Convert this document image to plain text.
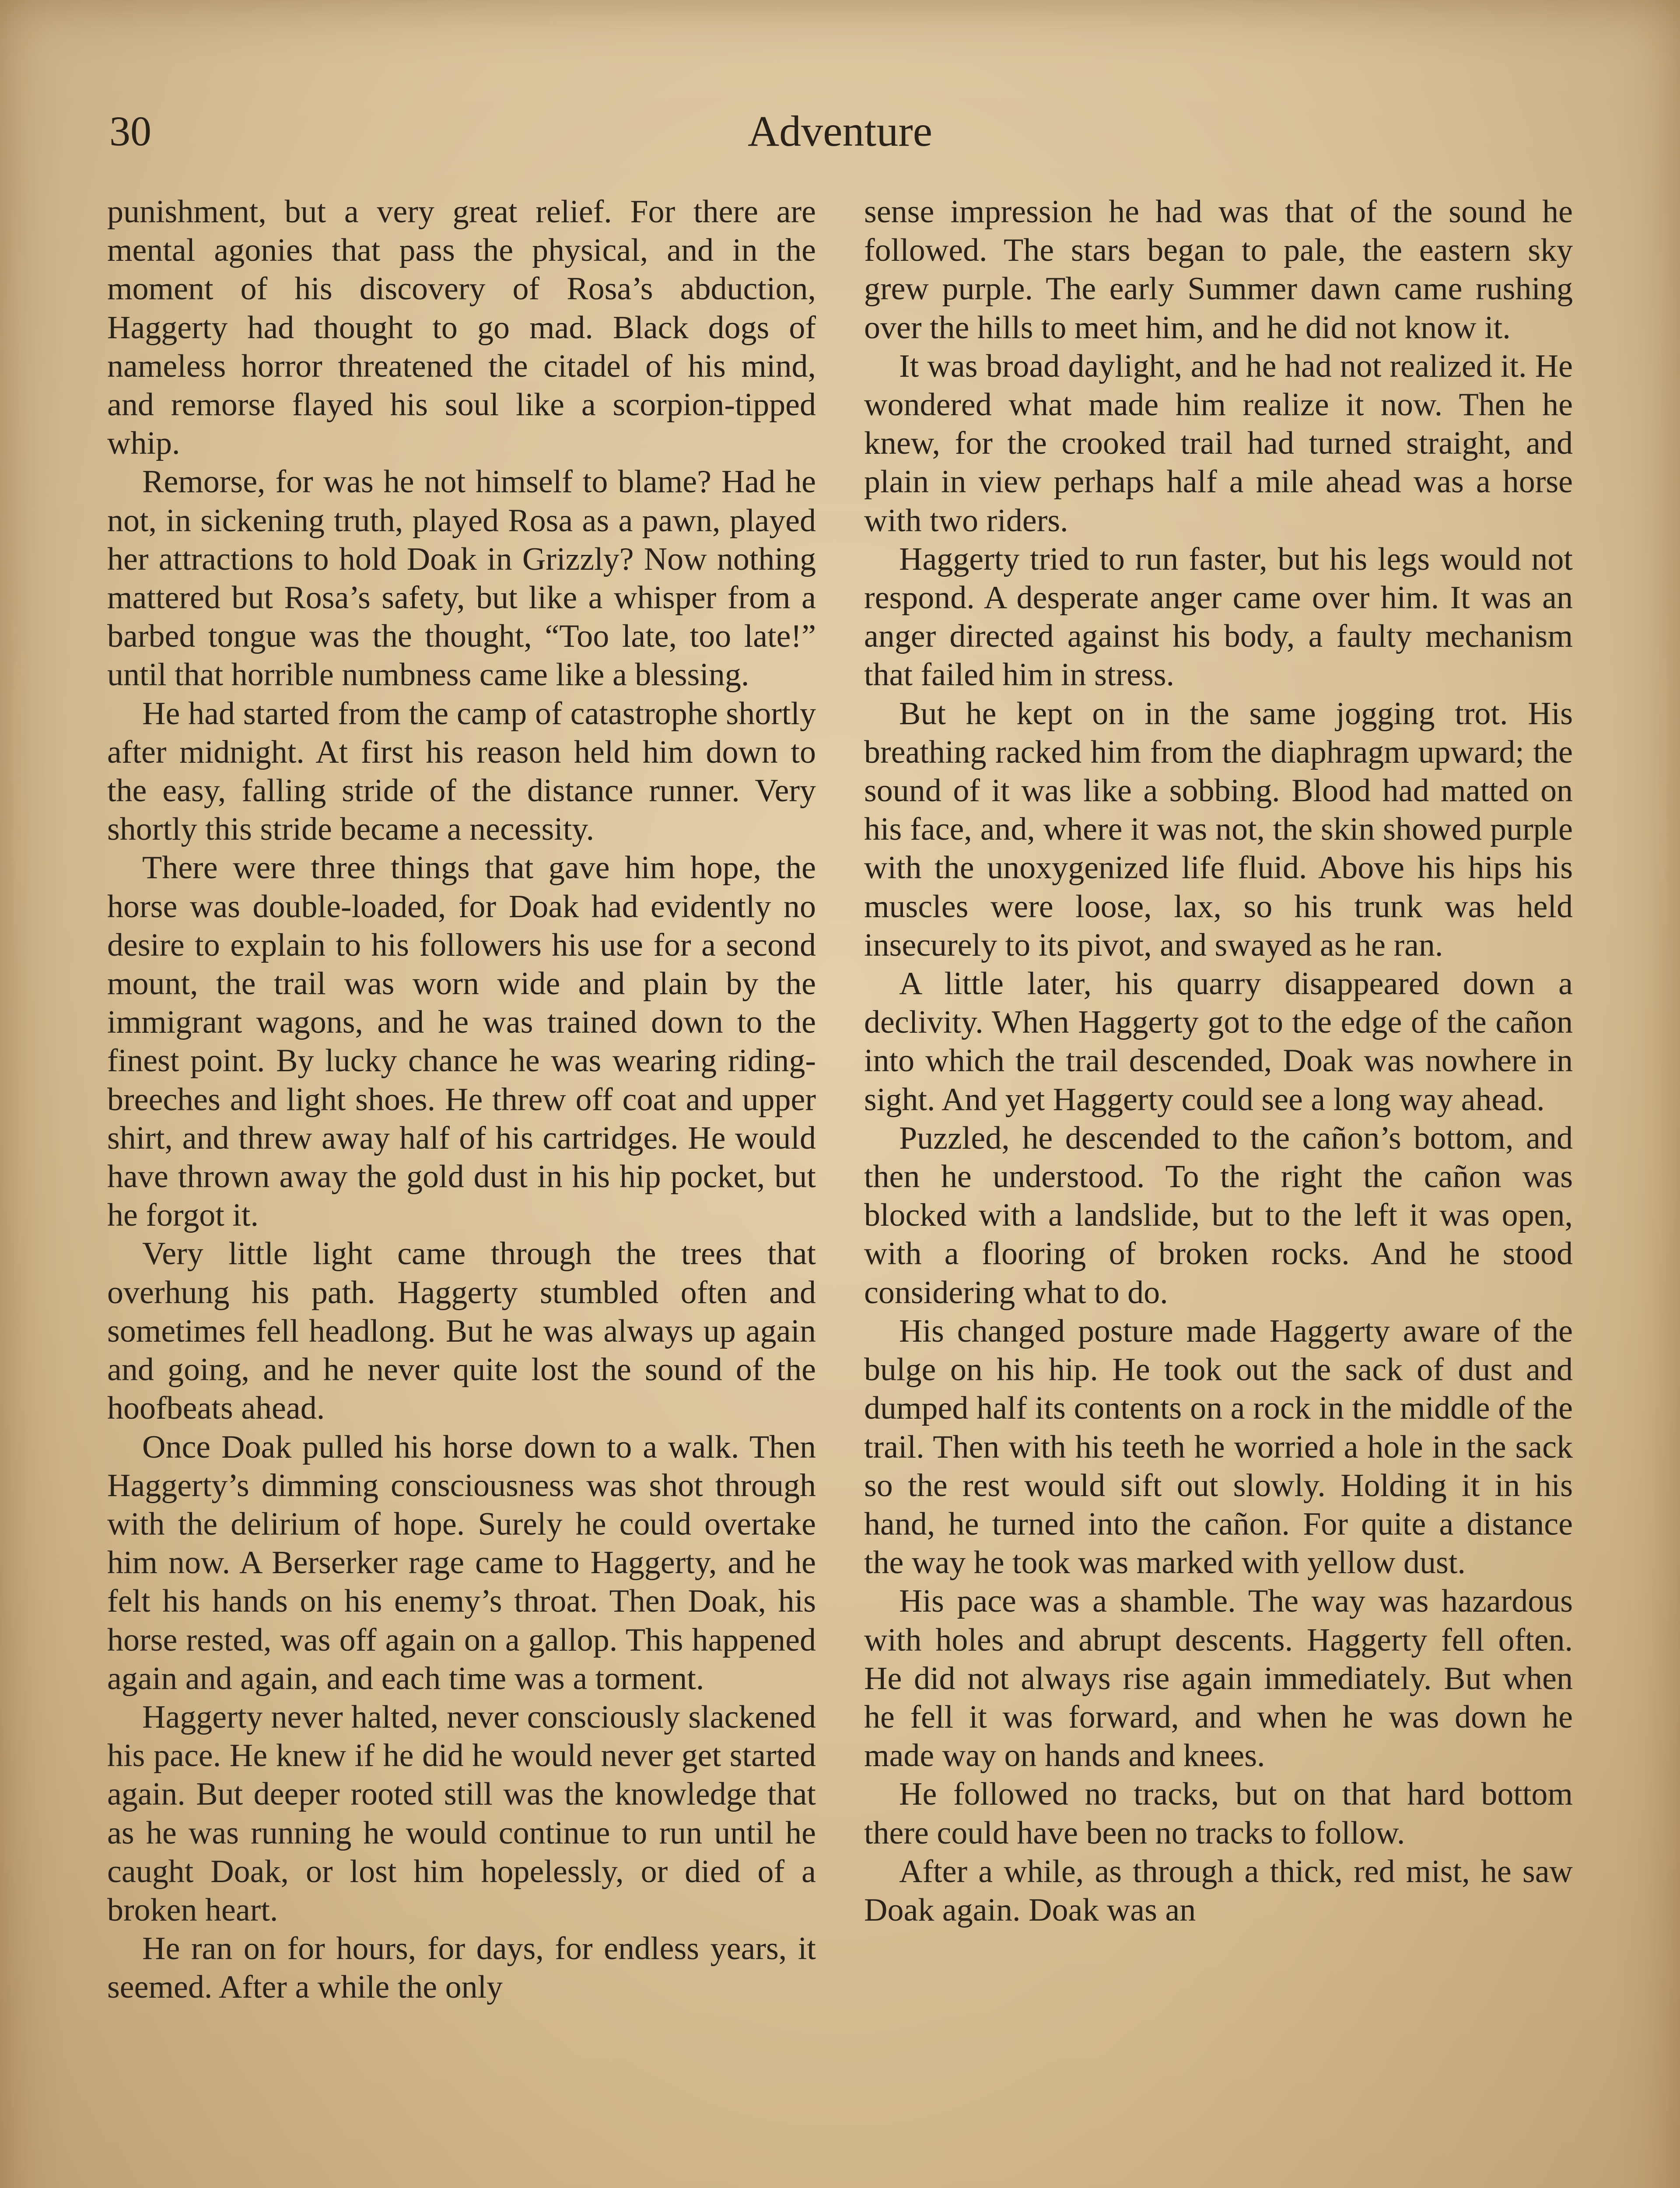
30	Adventure

punishment, but a very great relief. For there are mental agonies that pass the physical, and in the moment of his discovery of Rosa’s abduction, Haggerty had thought to go mad. Black dogs of nameless horror threatened the citadel of his mind, and remorse flayed his soul like a scorpion-tipped whip.

Remorse, for was he not himself to blame? Had he not, in sickening truth, played Rosa as a pawn, played her attractions to hold Doak in Grizzly? Now nothing mattered but Rosa’s safety, but like a whisper from a barbed tongue was the thought, “Too late, too late!” until that horrible numbness came like a blessing.

He had started from the camp of catastrophe shortly after midnight. At first his reason held him down to the easy, falling stride of the distance runner. Very shortly this stride became a necessity.

There were three things that gave him hope, the horse was double-loaded, for Doak had evidently no desire to explain to his followers his use for a second mount, the trail was worn wide and plain by the immigrant wagons, and he was trained down to the finest point. By lucky chance he was wearing riding-breeches and light shoes. He threw off coat and upper shirt, and threw away half of his cartridges. He would have thrown away the gold dust in his hip pocket, but he forgot it.

Very little light came through the trees that overhung his path. Haggerty stumbled often and sometimes fell headlong. But he was always up again and going, and he never quite lost the sound of the hoofbeats ahead.

Once Doak pulled his horse down to a walk. Then Haggerty’s dimming consciousness was shot through with the delirium of hope. Surely he could overtake him now. A Berserker rage came to Haggerty, and he felt his hands on his enemy’s throat. Then Doak, his horse rested, was off again on a gallop. This happened again and again, and each time was a torment.

Haggerty never halted, never consciously slackened his pace. He knew if he did he would never get started again. But deeper rooted still was the knowledge that as he was running he would continue to run until he caught Doak, or lost him hopelessly, or died of a broken heart.

He ran on for hours, for days, for endless years, it seemed. After a while the only

sense impression he had was that of the sound he followed. The stars began to pale, the eastern sky grew purple. The early Summer dawn came rushing over the hills to meet him, and he did not know it.

It was broad daylight, and he had not realized it. He wondered what made him realize it now. Then he knew, for the crooked trail had turned straight, and plain in view perhaps half a mile ahead was a horse with two riders.

Haggerty tried to run faster, but his legs would not respond. A desperate anger came over him. It was an anger directed against his body, a faulty mechanism that failed him in stress.

But he kept on in the same jogging trot. His breathing racked him from the diaphragm upward; the sound of it was like a sobbing. Blood had matted on his face, and, where it was not, the skin showed purple with the unoxygenized life fluid. Above his hips his muscles were loose, lax, so his trunk was held insecurely to its pivot, and swayed as he ran.

A little later, his quarry disappeared down a declivity. When Haggerty got to the edge of the cañon into which the trail descended, Doak was nowhere in sight. And yet Haggerty could see a long way ahead.

Puzzled, he descended to the cañon’s bottom, and then he understood. To the right the cañon was blocked with a landslide, but to the left it was open, with a flooring of broken rocks. And he stood considering what to do.

His changed posture made Haggerty aware of the bulge on his hip. He took out the sack of dust and dumped half its contents on a rock in the middle of the trail. Then with his teeth he worried a hole in the sack so the rest would sift out slowly. Holding it in his hand, he turned into the cañon. For quite a distance the way he took was marked with yellow dust.

His pace was a shamble. The way was hazardous with holes and abrupt descents. Haggerty fell often. He did not always rise again immediately. But when he fell it was forward, and when he was down he made way on hands and knees.

He followed no tracks, but on that hard bottom there could have been no tracks to follow.

After a while, as through a thick, red mist, he saw Doak again. Doak was an
